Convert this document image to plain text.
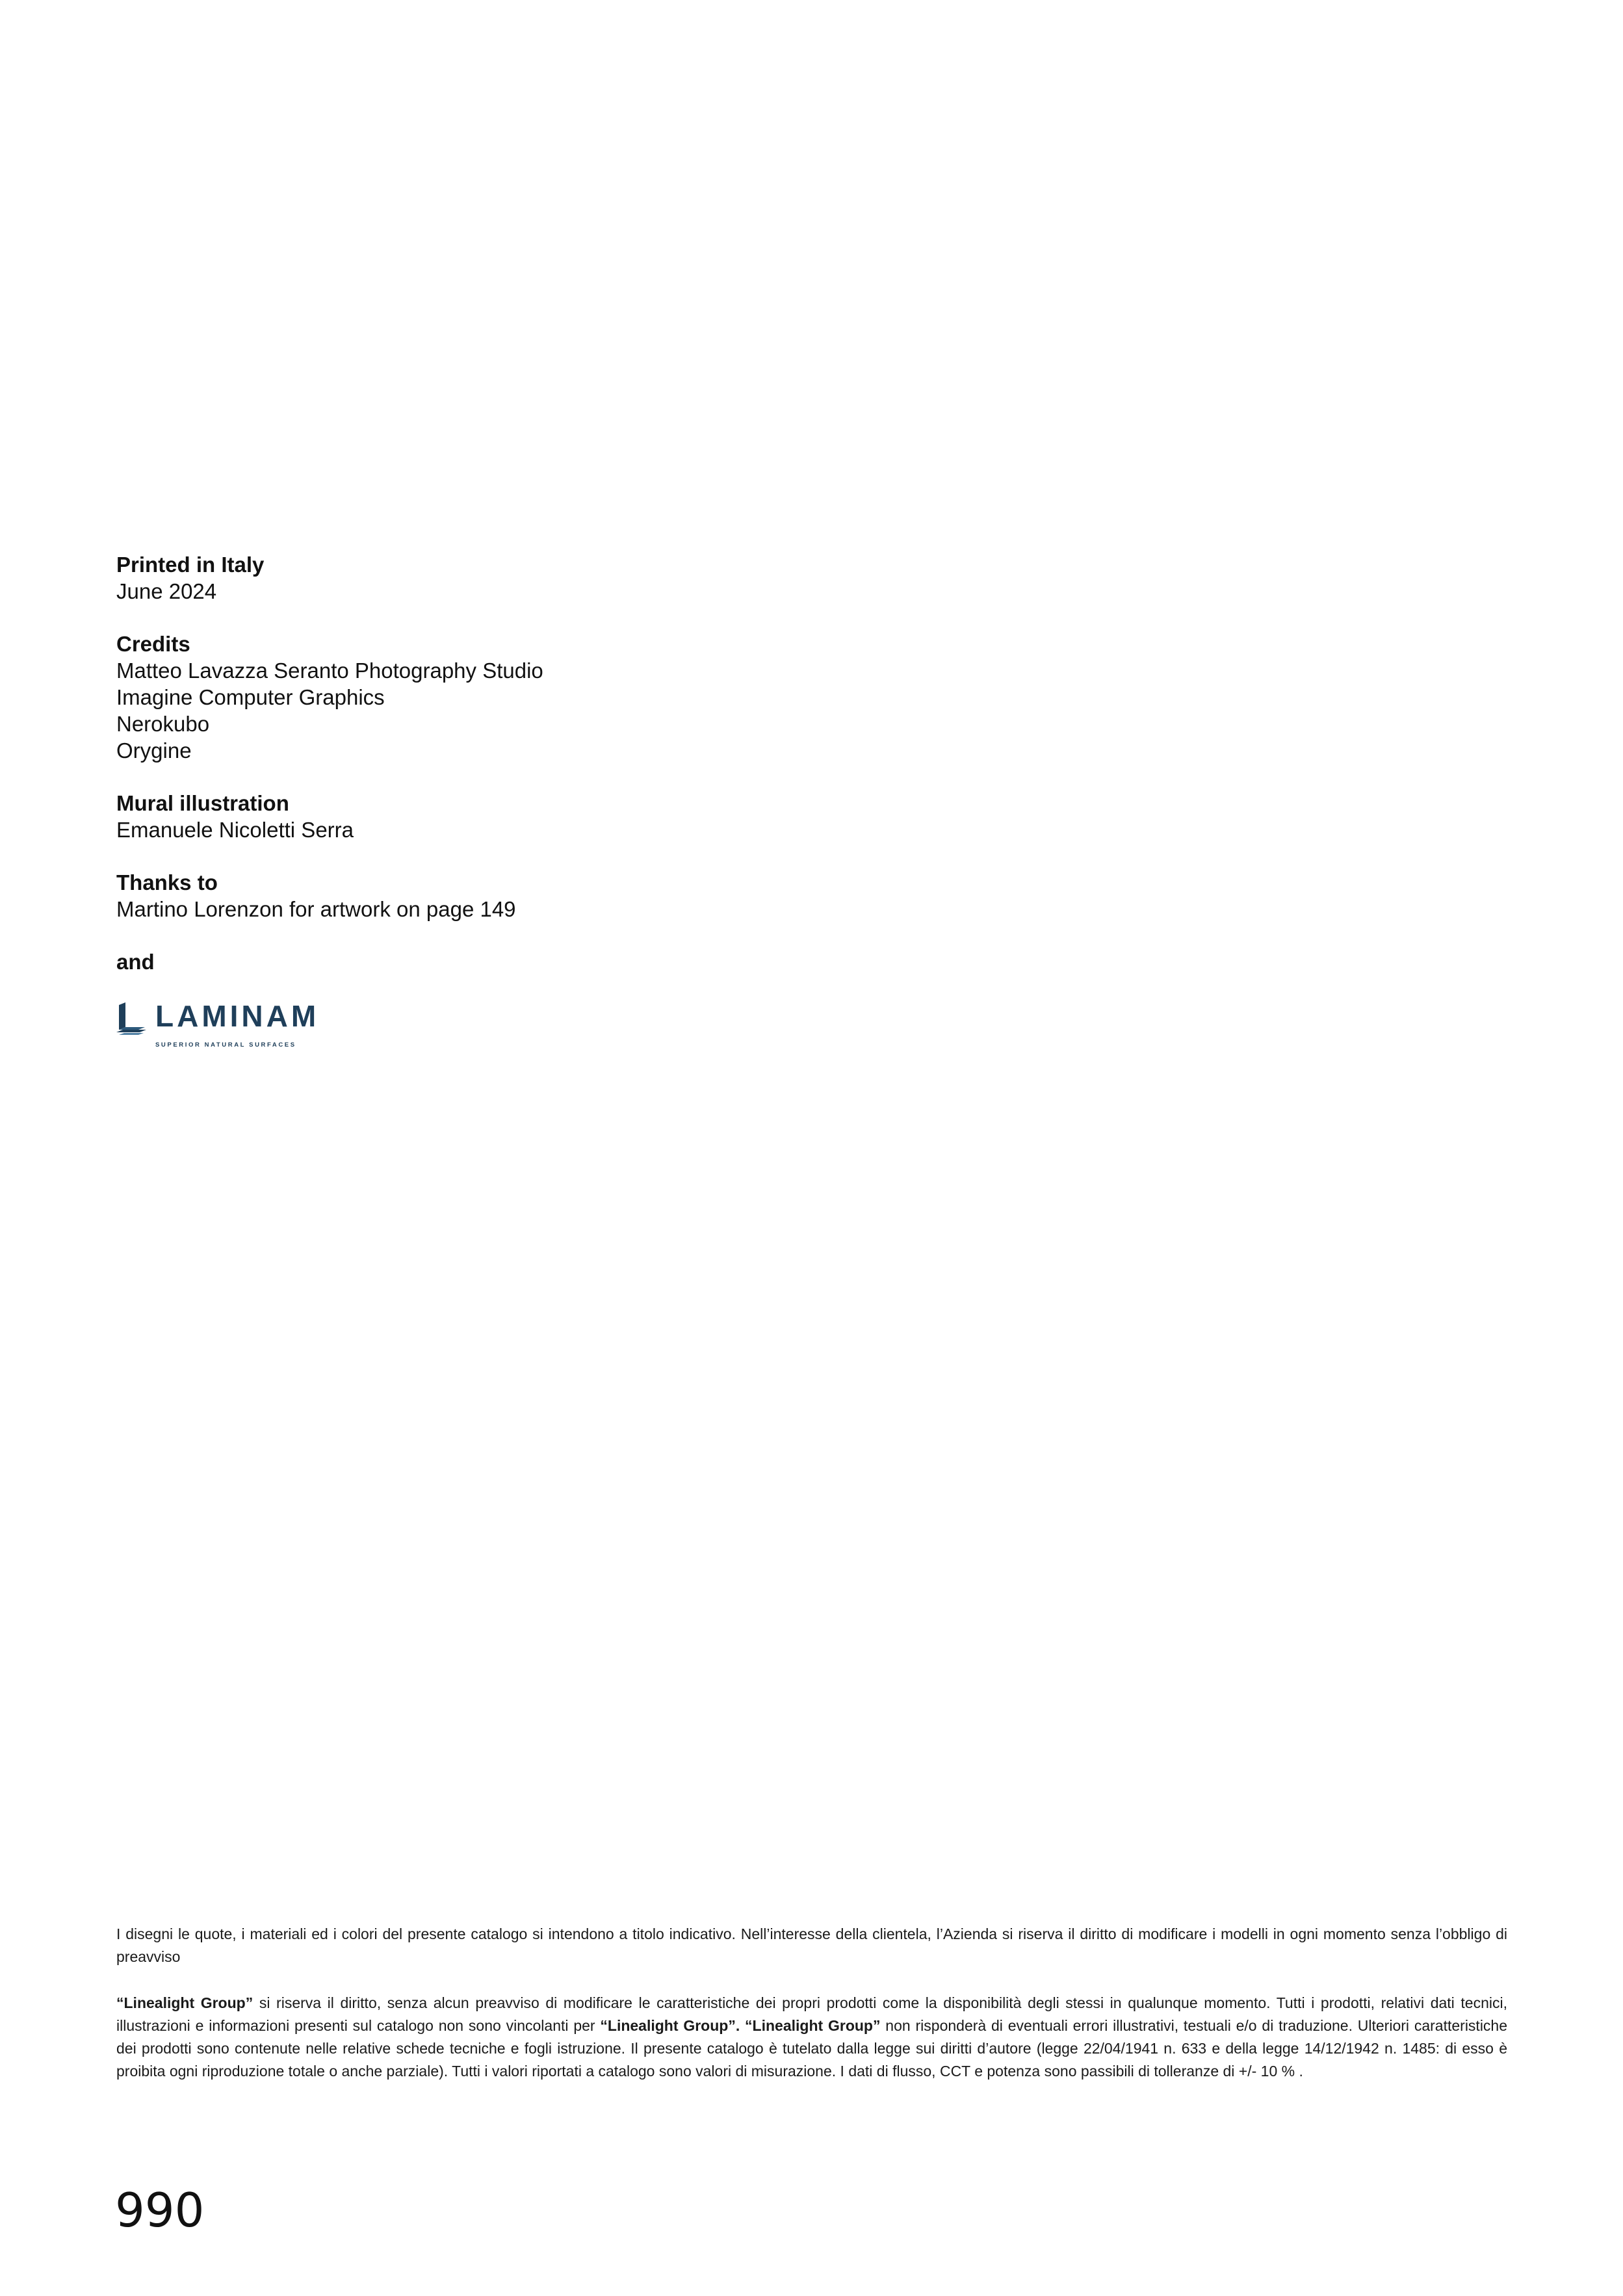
Printed in Italy
June 2024
Credits
Matteo Lavazza Seranto Photography Studio
Imagine Computer Graphics
Nerokubo
Orygine
Mural illustration
Emanuele Nicoletti Serra
Thanks to
Martino Lorenzon for artwork on page 149
and
LAMINAM
SUPERIOR NATURAL SURFACES

I disegni le quote, i materiali ed i colori del presente catalogo si intendono a titolo indicativo. Nell’interesse della clientela, l’Azienda si riserva il diritto di modificare i modelli in ogni momento senza l’obbligo di preavviso

“Linealight Group” si riserva il diritto, senza alcun preavviso di modificare le caratteristiche dei propri prodotti come la disponibilità degli stessi in qualunque momento. Tutti i prodotti, relativi dati tecnici, illustrazioni e informazioni presenti sul catalogo non sono vincolanti per “Linealight Group”. “Linealight Group” non risponderà di eventuali errori illustrativi, testuali e/o di traduzione. Ulteriori caratteristiche dei prodotti sono contenute nelle relative schede tecniche e fogli istruzione. Il presente catalogo è tutelato dalla legge sui diritti d’autore (legge 22/04/1941 n. 633 e della legge 14/12/1942 n. 1485: di esso è proibita ogni riproduzione totale o anche parziale). Tutti i valori riportati a catalogo sono valori di misurazione. I dati di flusso, CCT e potenza sono passibili di tolleranze di +/- 10 % .

990
